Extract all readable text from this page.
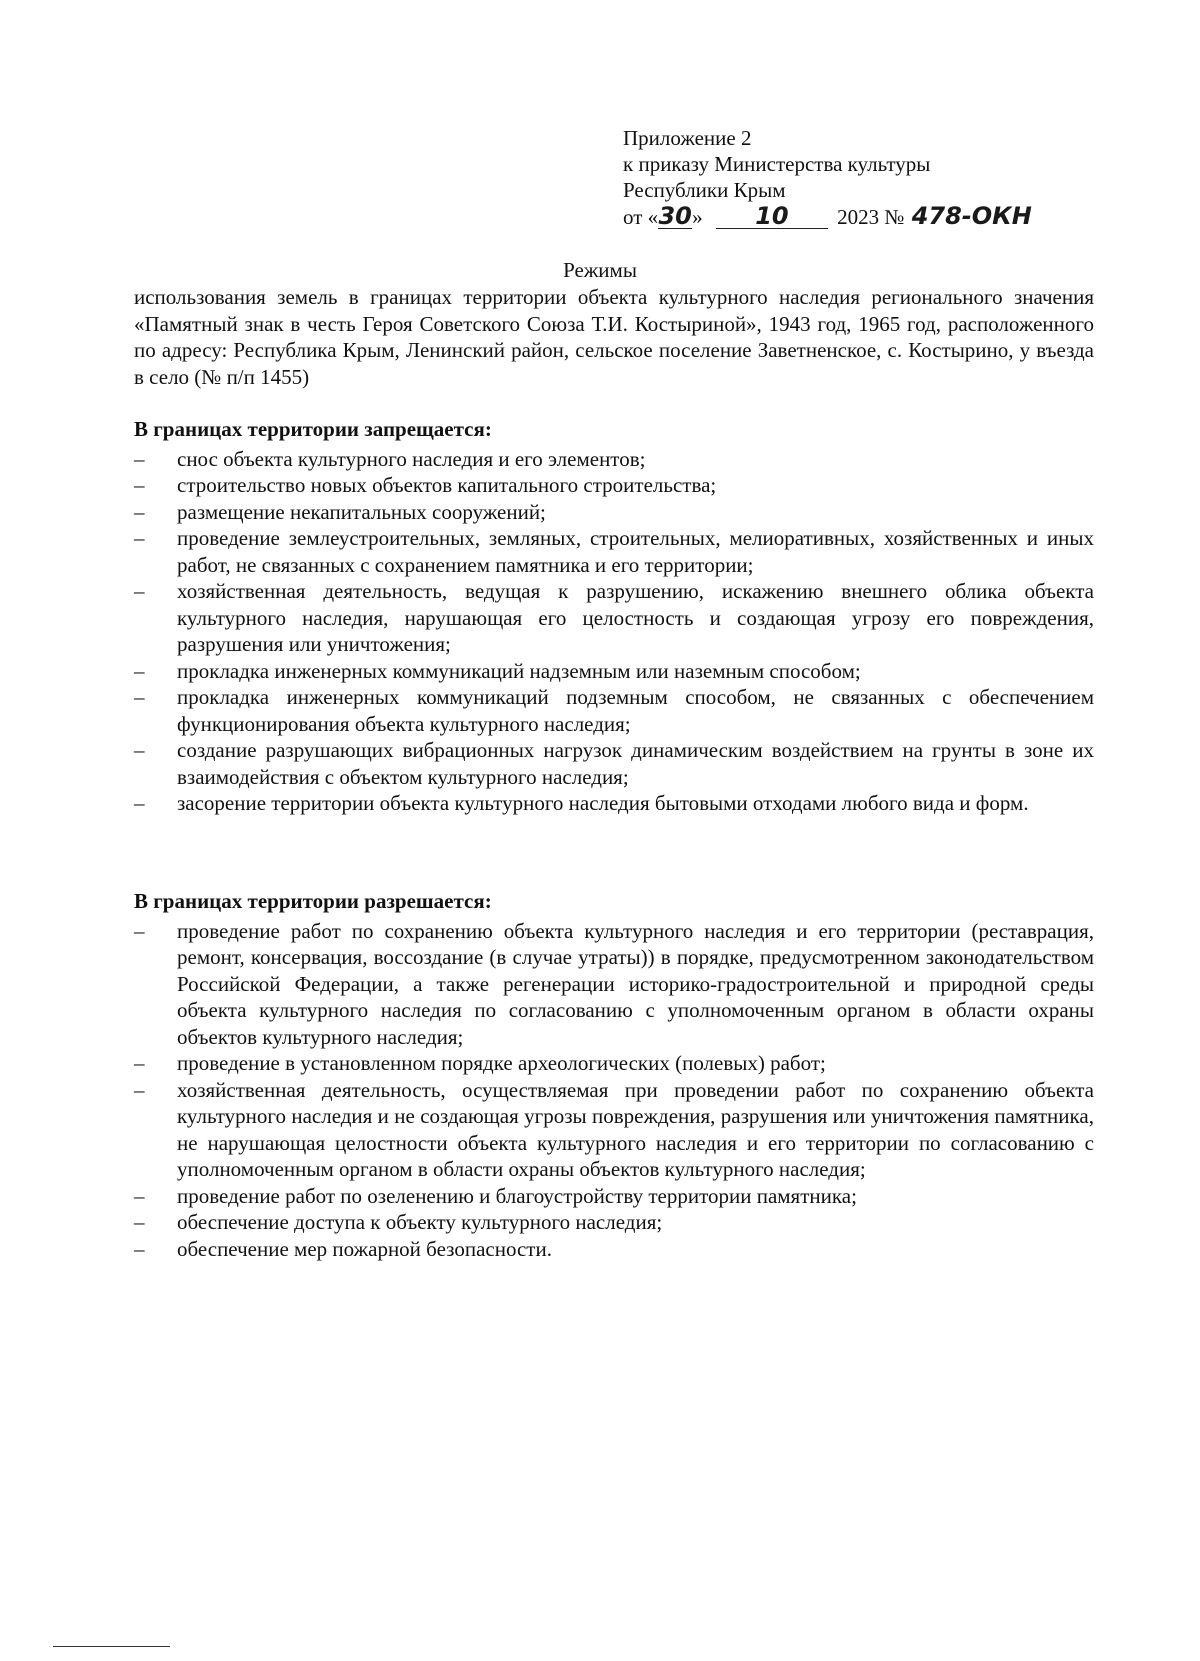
Приложение 2
к приказу Министерства культуры
Республики Крым
от «30» 10 2023 № 478-ОКН
Режимы
использования земель в границах территории объекта культурного наследия регионального значения «Памятный знак в честь Героя Советского Союза Т.И. Костыриной», 1943 год, 1965 год, расположенного по адресу: Республика Крым, Ленинский район, сельское поселение Заветненское, с. Костырино, у въезда в село (№ п/п 1455)
В границах территории запрещается:
– снос объекта культурного наследия и его элементов;
– строительство новых объектов капитального строительства;
– размещение некапитальных сооружений;
– проведение землеустроительных, земляных, строительных, мелиоративных, хозяйственных и иных работ, не связанных с сохранением памятника и его территории;
– хозяйственная деятельность, ведущая к разрушению, искажению внешнего облика объекта культурного наследия, нарушающая его целостность и создающая угрозу его повреждения, разрушения или уничтожения;
– прокладка инженерных коммуникаций надземным или наземным способом;
– прокладка инженерных коммуникаций подземным способом, не связанных с обеспечением функционирования объекта культурного наследия;
– создание разрушающих вибрационных нагрузок динамическим воздействием на грунты в зоне их взаимодействия с объектом культурного наследия;
– засорение территории объекта культурного наследия бытовыми отходами любого вида и форм.
В границах территории разрешается:
– проведение работ по сохранению объекта культурного наследия и его территории (реставрация, ремонт, консервация, воссоздание (в случае утраты)) в порядке, предусмотренном законодательством Российской Федерации, а также регенерации историко-градостроительной и природной среды объекта культурного наследия по согласованию с уполномоченным органом в области охраны объектов культурного наследия;
– проведение в установленном порядке археологических (полевых) работ;
– хозяйственная деятельность, осуществляемая при проведении работ по сохранению объекта культурного наследия и не создающая угрозы повреждения, разрушения или уничтожения памятника, не нарушающая целостности объекта культурного наследия и его территории по согласованию с уполномоченным органом в области охраны объектов культурного наследия;
– проведение работ по озеленению и благоустройству территории памятника;
– обеспечение доступа к объекту культурного наследия;
– обеспечение мер пожарной безопасности.
